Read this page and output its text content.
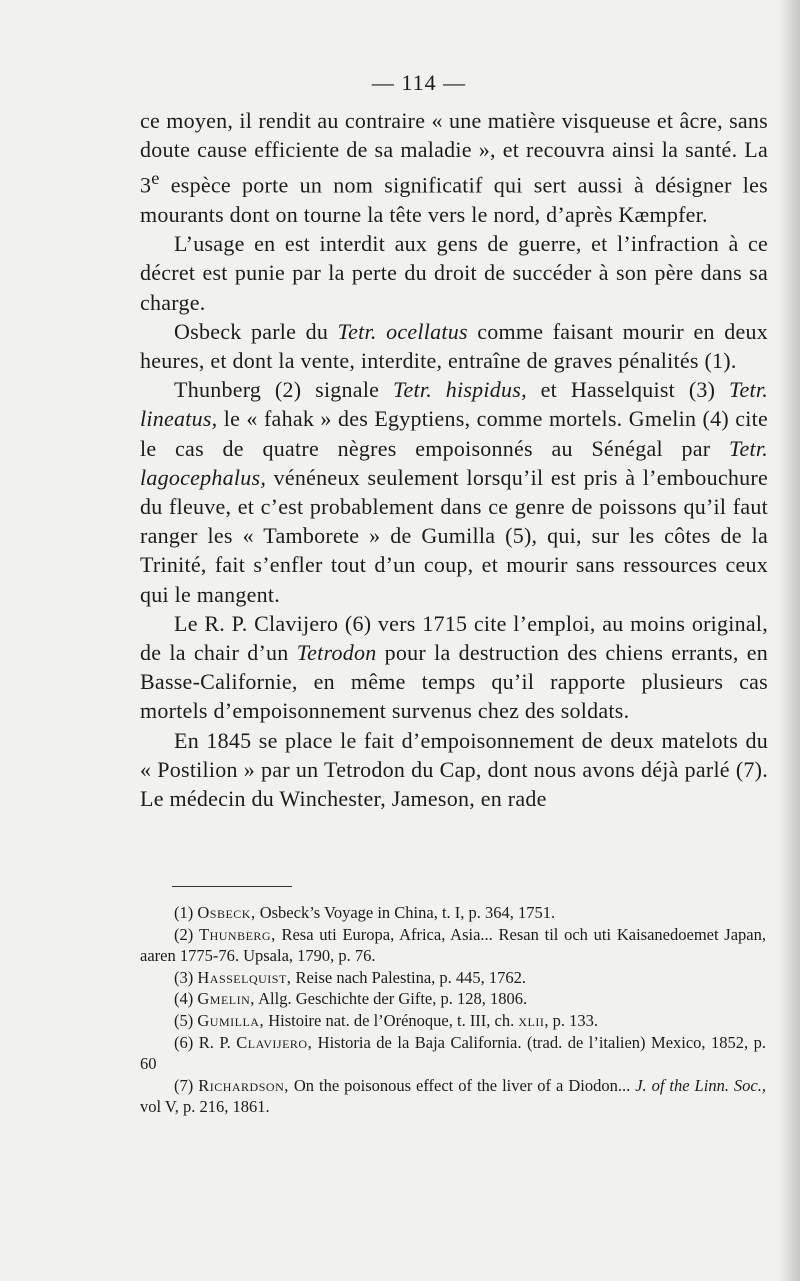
— 114 —

ce moyen, il rendit au contraire « une matière visqueuse et âcre, sans doute cause efficiente de sa maladie », et recouvra ainsi la santé. La 3e espèce porte un nom significatif qui sert aussi à désigner les mourants dont on tourne la tête vers le nord, d’après Kæmpfer.

L’usage en est interdit aux gens de guerre, et l’infraction à ce décret est punie par la perte du droit de succéder à son père dans sa charge.

Osbeck parle du Tetr. ocellatus comme faisant mourir en deux heures, et dont la vente, interdite, entraîne de graves pénalités (1).

Thunberg (2) signale Tetr. hispidus, et Hasselquist (3) Tetr. lineatus, le « fahak » des Egyptiens, comme mortels. Gmelin (4) cite le cas de quatre nègres empoisonnés au Sénégal par Tetr. lagocephalus, vénéneux seulement lorsqu’il est pris à l’embouchure du fleuve, et c’est probablement dans ce genre de poissons qu’il faut ranger les « Tamborete » de Gumilla (5), qui, sur les côtes de la Trinité, fait s’enfler tout d’un coup, et mourir sans ressources ceux qui le mangent.

Le R. P. Clavijero (6) vers 1715 cite l’emploi, au moins original, de la chair d’un Tetrodon pour la destruction des chiens errants, en Basse-Californie, en même temps qu’il rapporte plusieurs cas mortels d’empoisonnement survenus chez des soldats.

En 1845 se place le fait d’empoisonnement de deux matelots du « Postilion » par un Tetrodon du Cap, dont nous avons déjà parlé (7). Le médecin du Winchester, Jameson, en rade

(1) Osbeck, Osbeck’s Voyage in China, t. I, p. 364, 1751.

(2) Thunberg, Resa uti Europa, Africa, Asia... Resan til och uti Kaisanedoemet Japan, aaren 1775-76. Upsala, 1790, p. 76.

(3) Hasselquist, Reise nach Palestina, p. 445, 1762.

(4) Gmelin, Allg. Geschichte der Gifte, p. 128, 1806.

(5) Gumilla, Histoire nat. de l’Orénoque, t. III, ch. xlii, p. 133.

(6) R. P. Clavijero, Historia de la Baja California. (trad. de l’italien) Mexico, 1852, p. 60

(7) Richardson, On the poisonous effect of the liver of a Diodon... J. of the Linn. Soc., vol V, p. 216, 1861.
